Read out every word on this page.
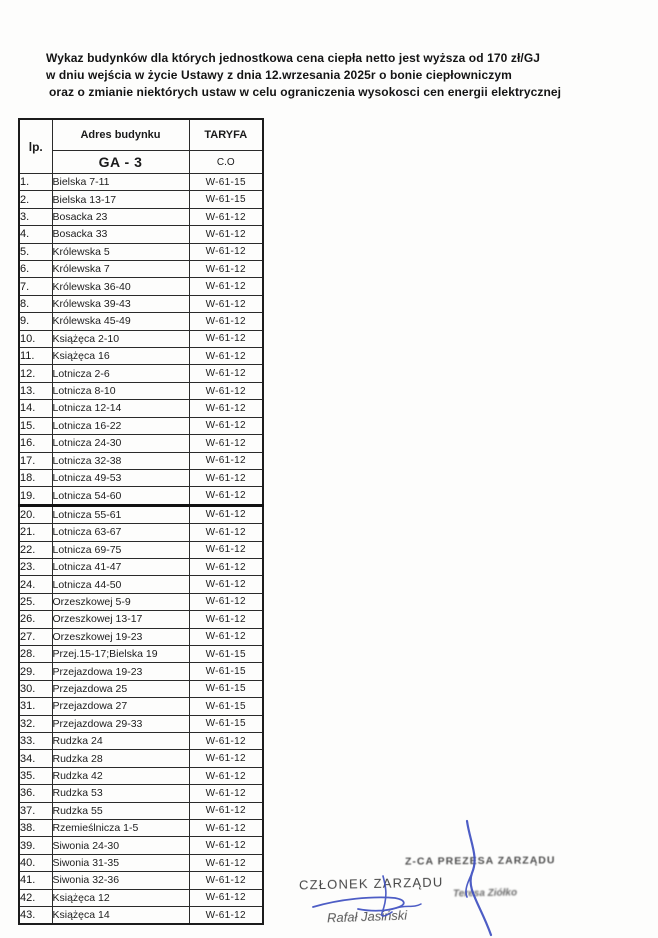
Wykaz budynków dla których jednostkowa cena ciepła netto jest wyższa od 170 zł/GJ
w dniu wejścia w życie Ustawy z dnia 12.wrzesania 2025r o bonie ciepłowniczym
oraz o zmianie niektórych ustaw w celu ograniczenia wysokosci cen energii elektrycznej
lp.	Adres budynku	TARYFA
	GA - 3	C.O
1.	Bielska 7-11	W-61-15
2.	Bielska 13-17	W-61-15
3.	Bosacka 23	W-61-12
4.	Bosacka 33	W-61-12
5.	Królewska 5	W-61-12
6.	Królewska 7	W-61-12
7.	Królewska 36-40	W-61-12
8.	Królewska 39-43	W-61-12
9.	Królewska 45-49	W-61-12
10.	Książęca 2-10	W-61-12
11.	Książęca 16	W-61-12
12.	Lotnicza 2-6	W-61-12
13.	Lotnicza 8-10	W-61-12
14.	Lotnicza 12-14	W-61-12
15.	Lotnicza 16-22	W-61-12
16.	Lotnicza 24-30	W-61-12
17.	Lotnicza 32-38	W-61-12
18.	Lotnicza 49-53	W-61-12
19.	Lotnicza 54-60	W-61-12
20.	Lotnicza 55-61	W-61-12
21.	Lotnicza 63-67	W-61-12
22.	Lotnicza 69-75	W-61-12
23.	Lotnicza 41-47	W-61-12
24.	Lotnicza 44-50	W-61-12
25.	Orzeszkowej 5-9	W-61-12
26.	Orzeszkowej 13-17	W-61-12
27.	Orzeszkowej 19-23	W-61-12
28.	Przej.15-17;Bielska 19	W-61-15
29.	Przejazdowa 19-23	W-61-15
30.	Przejazdowa 25	W-61-15
31.	Przejazdowa 27	W-61-15
32.	Przejazdowa 29-33	W-61-15
33.	Rudzka 24	W-61-12
34.	Rudzka 28	W-61-12
35.	Rudzka 42	W-61-12
36.	Rudzka 53	W-61-12
37.	Rudzka 55	W-61-12
38.	Rzemieślnicza 1-5	W-61-12
39.	Siwonia 24-30	W-61-12
40.	Siwonia 31-35	W-61-12
41.	Siwonia 32-36	W-61-12
42.	Książęca 12	W-61-12
43.	Książęca 14	W-61-12
Z-CA PREZESA ZARZĄDU
Teresa Ziółko
CZŁONEK ZARZĄDU
Rafał Jasiński
